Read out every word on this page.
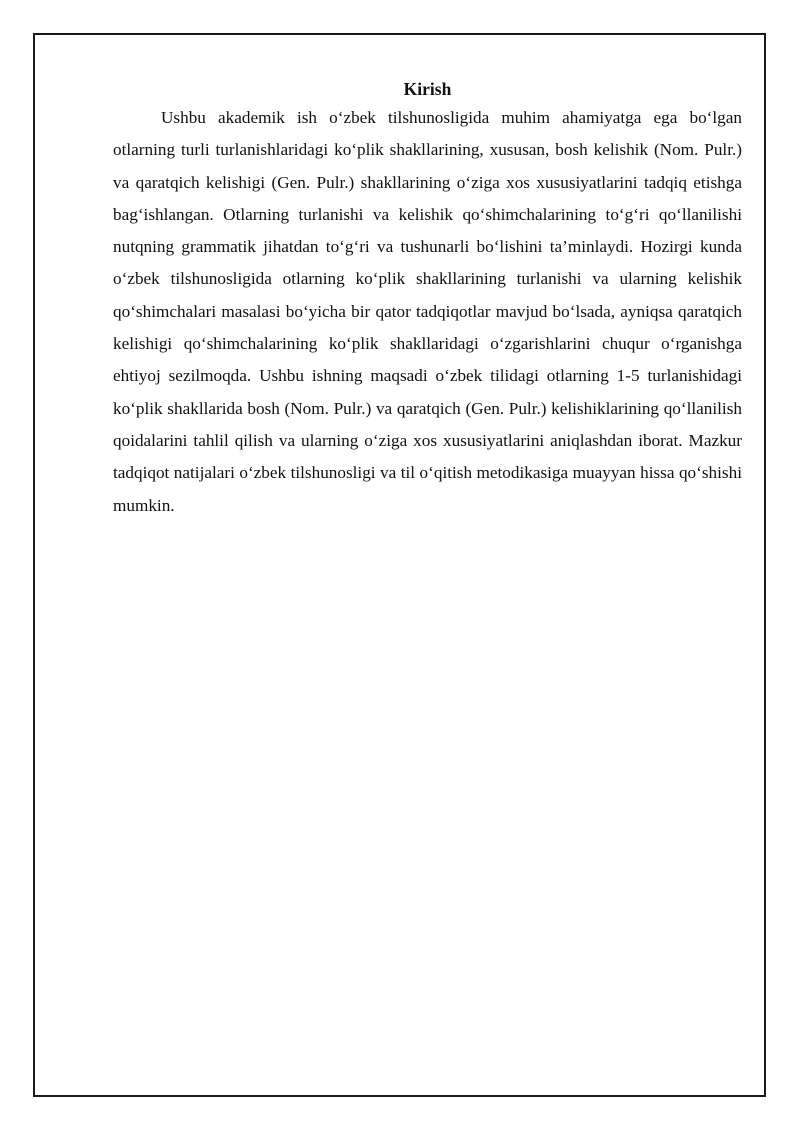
Kirish

Ushbu akademik ish o‘zbek tilshunosligida muhim ahamiyatga ega bo‘lgan otlarning turli turlanishlaridagi ko‘plik shakllarining, xususan, bosh kelishik (Nom. Pulr.) va qaratqich kelishigi (Gen. Pulr.) shakllarining o‘ziga xos xususiyatlarini tadqiq etishga bag‘ishlangan. Otlarning turlanishi va kelishik qo‘shimchalarining to‘g‘ri qo‘llanilishi nutqning grammatik jihatdan to‘g‘ri va tushunarli bo‘lishini ta’minlaydi. Hozirgi kunda o‘zbek tilshunosligida otlarning ko‘plik shakllarining turlanishi va ularning kelishik qo‘shimchalari masalasi bo‘yicha bir qator tadqiqotlar mavjud bo‘lsada, ayniqsa qaratqich kelishigi qo‘shimchalarining ko‘plik shakllaridagi o‘zgarishlarini chuqur o‘rganishga ehtiyoj sezilmoqda. Ushbu ishning maqsadi o‘zbek tilidagi otlarning 1-5 turlanishidagi ko‘plik shakllarida bosh (Nom. Pulr.) va qaratqich (Gen. Pulr.) kelishiklarining qo‘llanilish qoidalarini tahlil qilish va ularning o‘ziga xos xususiyatlarini aniqlashdan iborat. Mazkur tadqiqot natijalari o‘zbek tilshunosligi va til o‘qitish metodikasiga muayyan hissa qo‘shishi mumkin.
